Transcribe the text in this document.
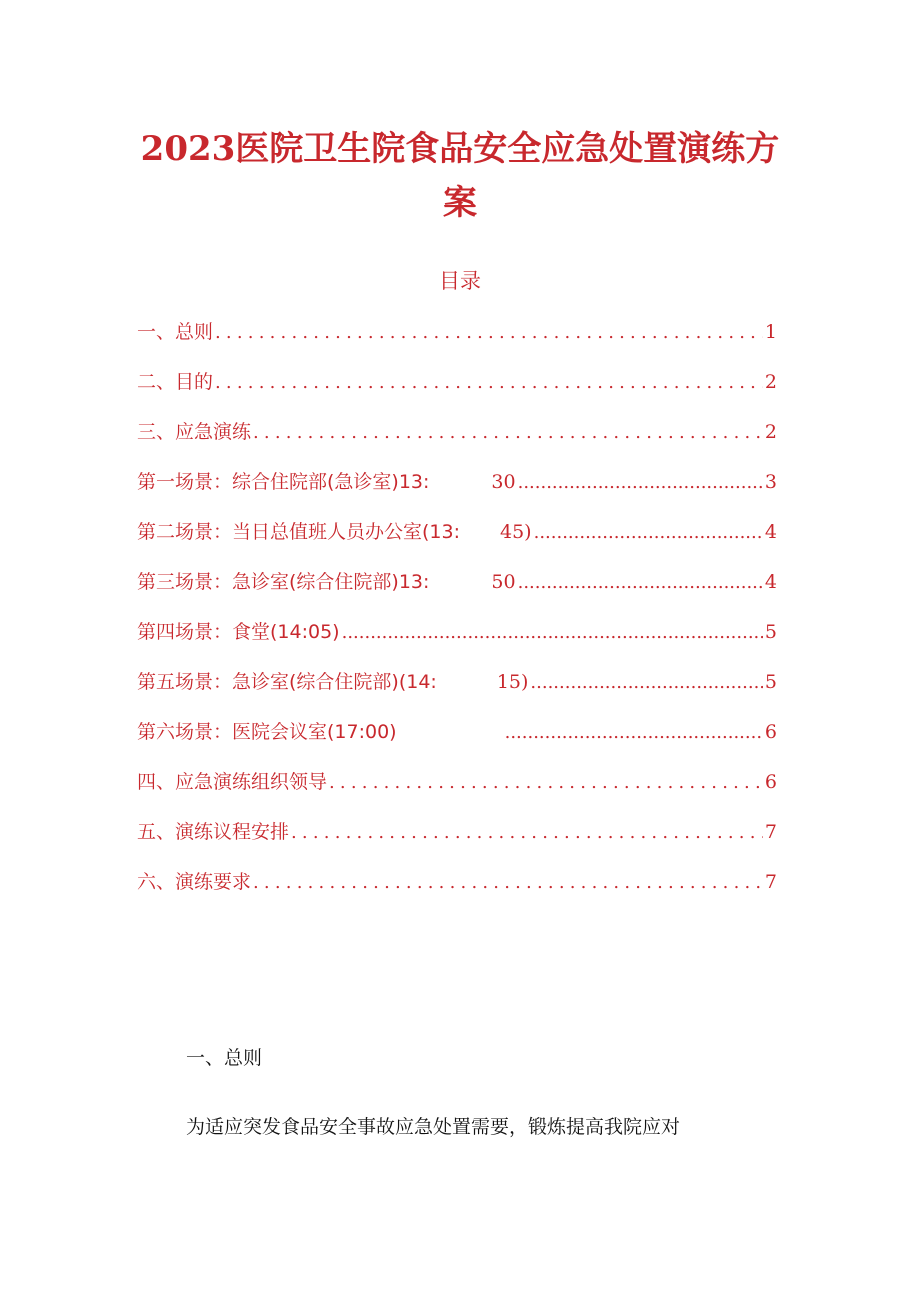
2023医院卫生院食品安全应急处置演练方
案
目录
一、总则 .....	1
二、目的 .....	2
三、应急演练 .....	2
第一场景：综合住院部(急诊室)13:	30 .....	3
第二场景：当日总值班人员办公室(13: 45) .....	4
第三场景：急诊室(综合住院部)13:	50 .....	4
第四场景：食堂(14:05) .....	5
第五场景：急诊室(综合住院部)(14:	15) .....	5
第六场景：医院会议室(17:00) .....	6
四、应急演练组织领导 .....	6
五、演练议程安排 .....	7
六、演练要求 .....	7
一、总则
为适应突发食品安全事故应急处置需要，锻炼提高我院应对
